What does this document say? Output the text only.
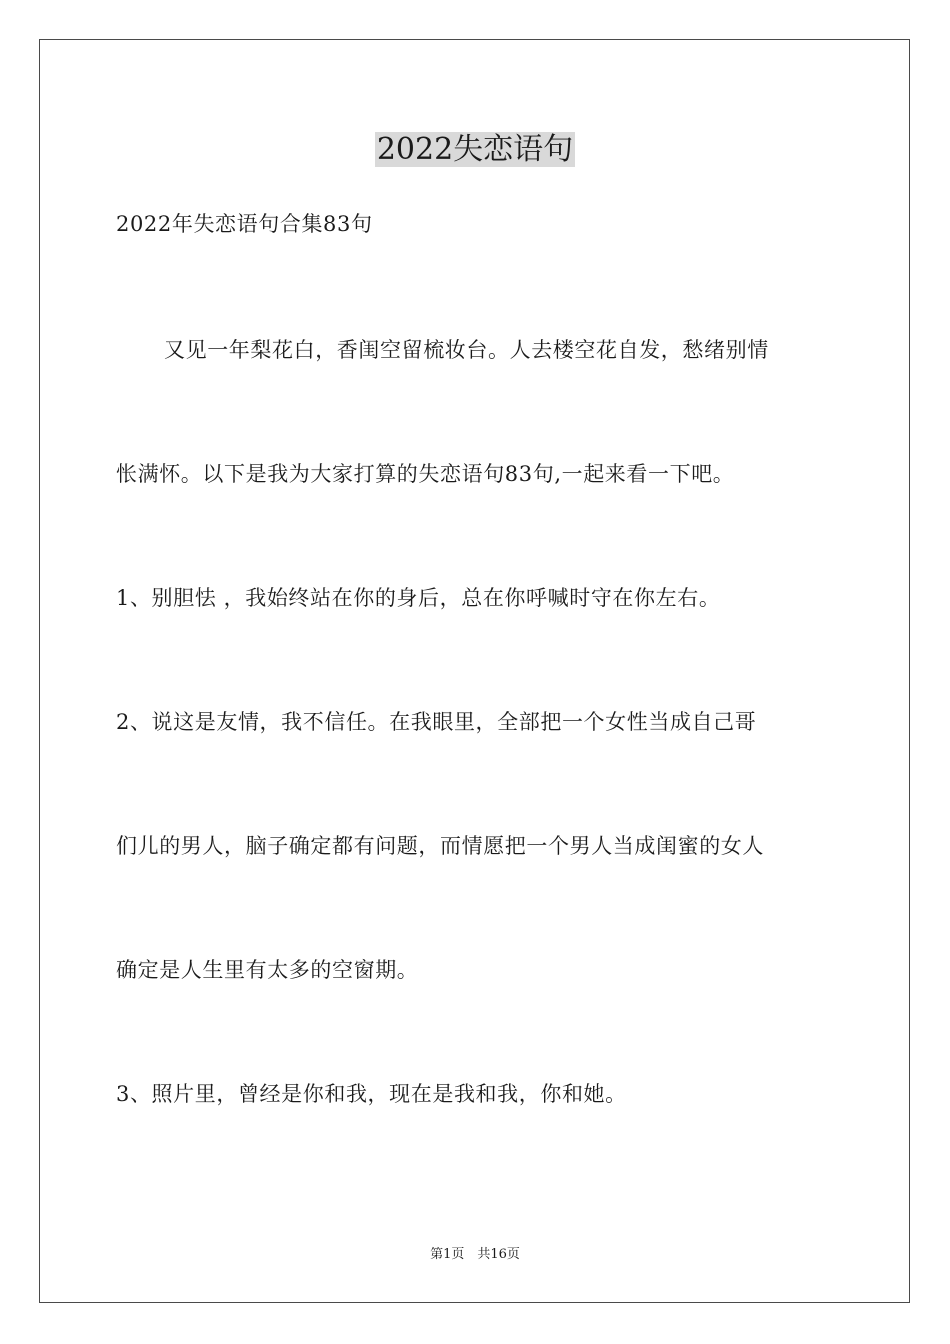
2022失恋语句
2022年失恋语句合集83句
又见一年梨花白，香闺空留梳妆台。人去楼空花自发，愁绪别情
怅满怀。以下是我为大家打算的失恋语句83句,一起来看一下吧。
1、别胆怯 ，我始终站在你的身后，总在你呼喊时守在你左右。
2、说这是友情，我不信任。在我眼里，全部把一个女性当成自己哥
们儿的男人，脑子确定都有问题，而情愿把一个男人当成闺蜜的女人
确定是人生里有太多的空窗期。
3、照片里，曾经是你和我，现在是我和我，你和她。
第1页　共16页
